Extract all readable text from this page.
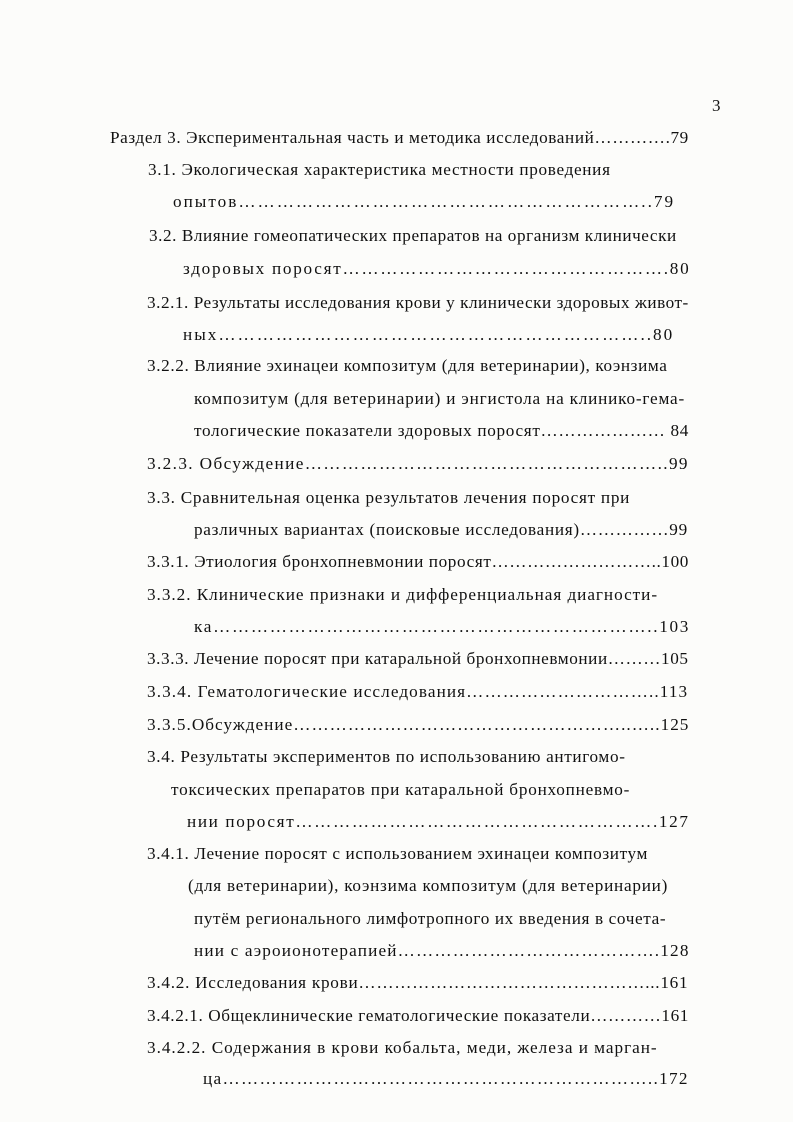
3
Раздел 3. Экспериментальная часть и методика исследований………….79
3.1. Экологическая характеристика местности проведения
опытов………………………………………………………..79
3.2. Влияние гомеопатических препаратов на организм клинически
здоровых поросят…………………………………………….80
3.2.1. Результаты исследования крови у клинически здоровых живот-
ных…………………………………………………………..80
3.2.2. Влияние эхинацеи композитум (для ветеринарии), коэнзима
композитум (для ветеринарии) и энгистола на клинико-гема-
тологические показатели здоровых поросят………………… 84
3.2.3. Обсуждение…………………………………………………..99
3.3. Сравнительная оценка результатов лечения поросят при
различных вариантах (поисковые исследования)……………99
3.3.1. Этиология бронхопневмонии поросят………………………..100
3.3.2. Клинические признаки и дифференциальная диагности-
ка……………………………………………………………..103
3.3.3. Лечение поросят при катаральной бронхопневмонии………105
3.3.4. Гематологические исследования…………………………..113
3.3.5.Обсуждение………………………………………………..…..125
3.4. Результаты экспериментов по использованию антигомо-
токсических препаратов при катаральной бронхопневмо-
нии поросят………………………………………………….127
3.4.1. Лечение поросят с использованием эхинацеи композитум
(для ветеринарии), коэнзима композитум (для ветеринарии)
путём регионального лимфотропного их введения в сочета-
нии с аэроионотерапией…………………………………….128
3.4.2. Исследования крови…………………………………………...161
3.4.2.1. Общеклинические гематологические показатели…………161
3.4.2.2. Содержания в крови кобальта, меди, железа и марган-
ца……………………………………………………………..172
